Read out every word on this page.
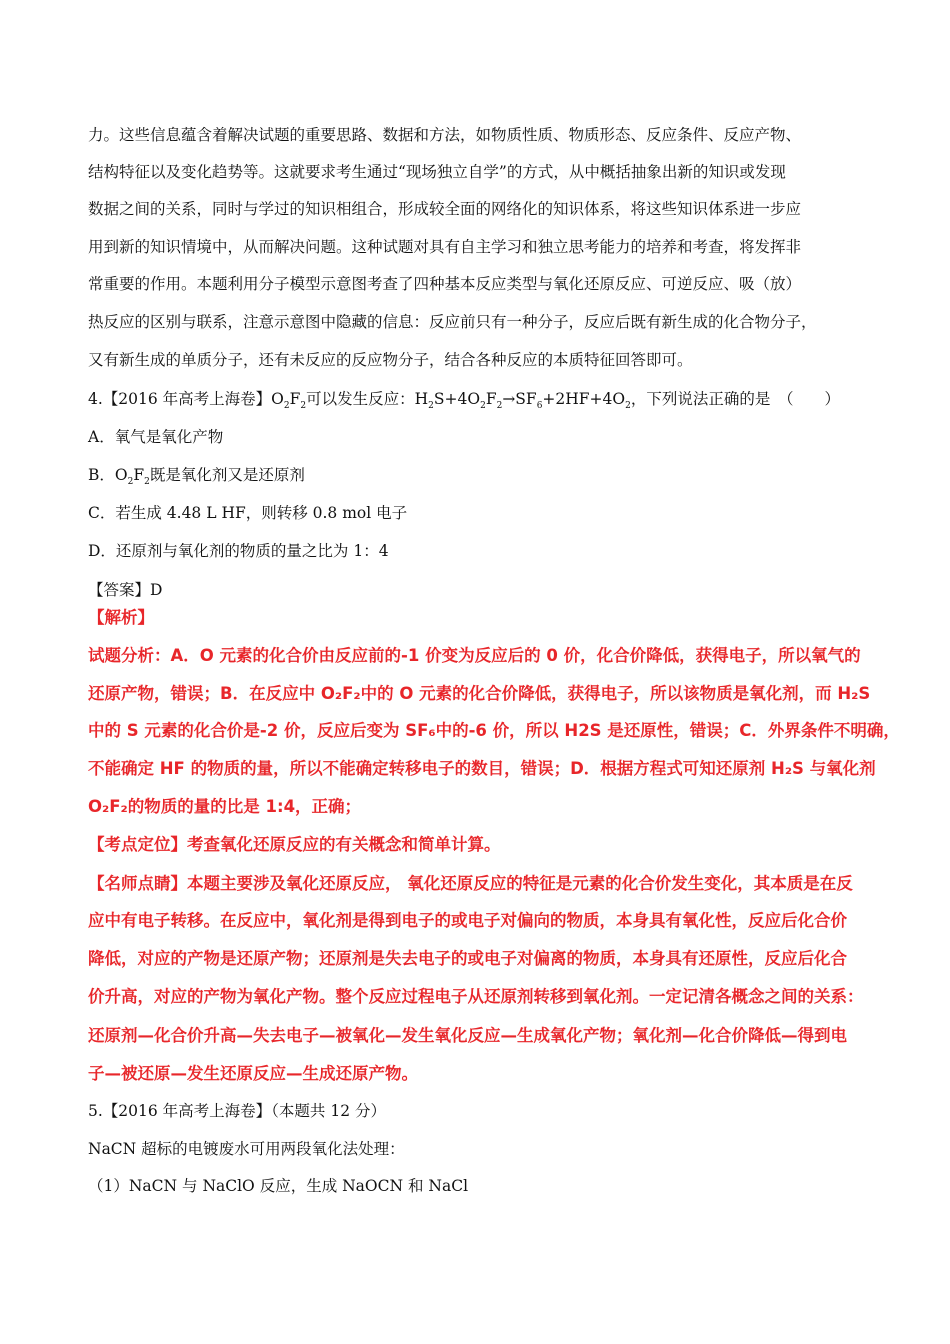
力。这些信息蕴含着解决试题的重要思路、数据和方法，如物质性质、物质形态、反应条件、反应产物、
结构特征以及变化趋势等。这就要求考生通过“现场独立自学”的方式，从中概括抽象出新的知识或发现
数据之间的关系，同时与学过的知识相组合，形成较全面的网络化的知识体系，将这些知识体系进一步应
用到新的知识情境中，从而解决问题。这种试题对具有自主学习和独立思考能力的培养和考查，将发挥非
常重要的作用。本题利用分子模型示意图考查了四种基本反应类型与氧化还原反应、可逆反应、吸（放）
热反应的区别与联系，注意示意图中隐藏的信息：反应前只有一种分子，反应后既有新生成的化合物分子，
又有新生成的单质分子，还有未反应的反应物分子，结合各种反应的本质特征回答即可。
4.【2016 年高考上海卷】$O_2F_2$可以发生反应：$H_2S+4O_2F_2\to SF_6+2HF+4O_2$，下列说法正确的是 （　　）
A．氧气是氧化产物
B．$O_2F_2$既是氧化剂又是还原剂
C．若生成 4.48 L HF，则转移 0.8 mol 电子
D．还原剂与氧化剂的物质的量之比为 1：4
【答案】D
【解析】
试题分析：A．O 元素的化合价由反应前的-1 价变为反应后的 0 价，化合价降低，获得电子，所以氧气的
还原产物，错误；B．在反应中 O₂F₂中的 O 元素的化合价降低，获得电子，所以该物质是氧化剂，而 H₂S
中的 S 元素的化合价是-2 价，反应后变为 SF₆中的-6 价，所以 H2S 是还原性，错误；C．外界条件不明确，
不能确定 HF 的物质的量，所以不能确定转移电子的数目，错误；D．根据方程式可知还原剂 H₂S 与氧化剂
O₂F₂的物质的量的比是 1:4，正确；
【考点定位】考查氧化还原反应的有关概念和简单计算。
【名师点睛】本题主要涉及氧化还原反应， 氧化还原反应的特征是元素的化合价发生变化，其本质是在反
应中有电子转移。在反应中，氧化剂是得到电子的或电子对偏向的物质，本身具有氧化性，反应后化合价
降低，对应的产物是还原产物；还原剂是失去电子的或电子对偏离的物质，本身具有还原性，反应后化合
价升高，对应的产物为氧化产物。整个反应过程电子从还原剂转移到氧化剂。一定记清各概念之间的关系：
还原剂—化合价升高—失去电子—被氧化—发生氧化反应—生成氧化产物；氧化剂—化合价降低—得到电
子—被还原—发生还原反应—生成还原产物。
5.【2016 年高考上海卷】（本题共 12 分）
NaCN 超标的电镀废水可用两段氧化法处理：
（1）NaCN 与 NaClO 反应，生成 NaOCN 和 NaCl
